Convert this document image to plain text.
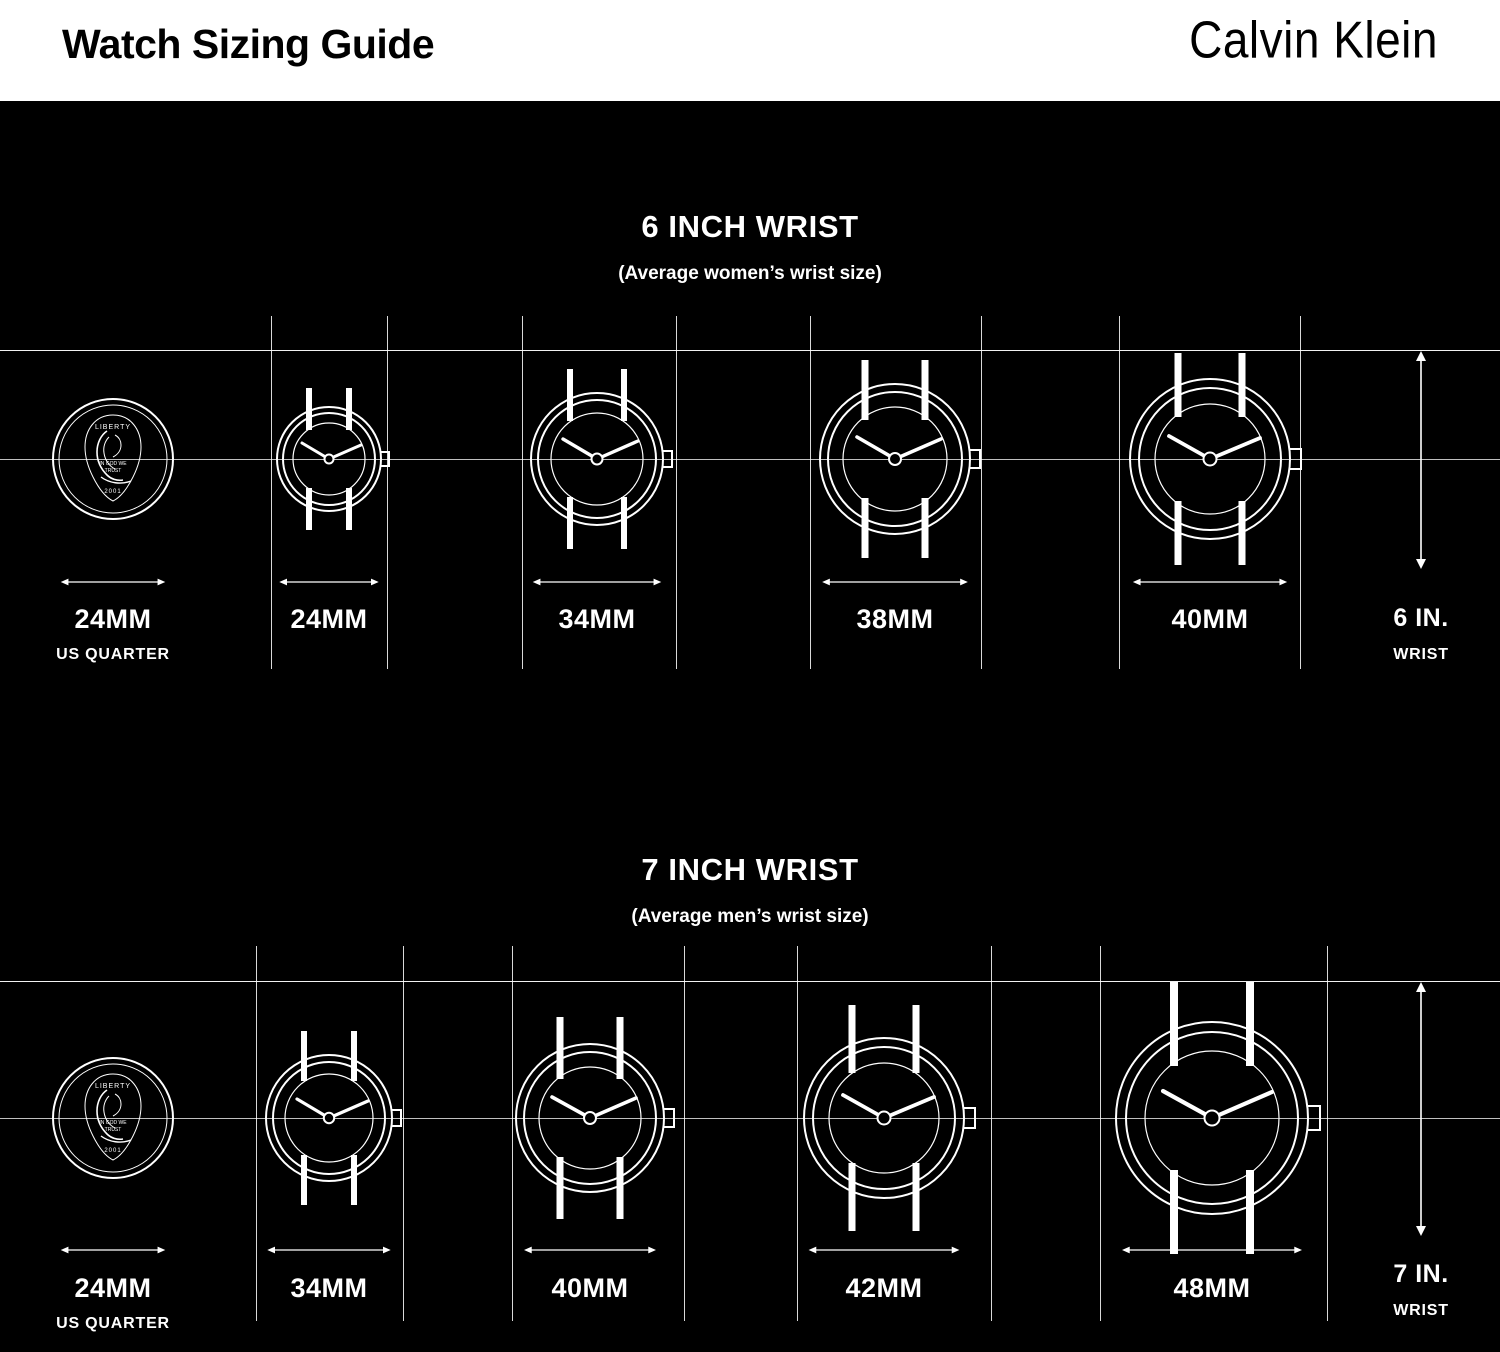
Watch Sizing Guide	Calvin Klein
6 INCH WRIST
(Average women’s wrist size)
LIBERTY
2001
IN GOD WE
TRUST
24MM
US QUARTER
24MM	34MM	38MM	40MM	6 IN.
WRIST
7 INCH WRIST
(Average men’s wrist size)
LIBERTY
2001
IN GOD WE
TRUST
24MM
US QUARTER
34MM	40MM	42MM	48MM	7 IN.
WRIST
